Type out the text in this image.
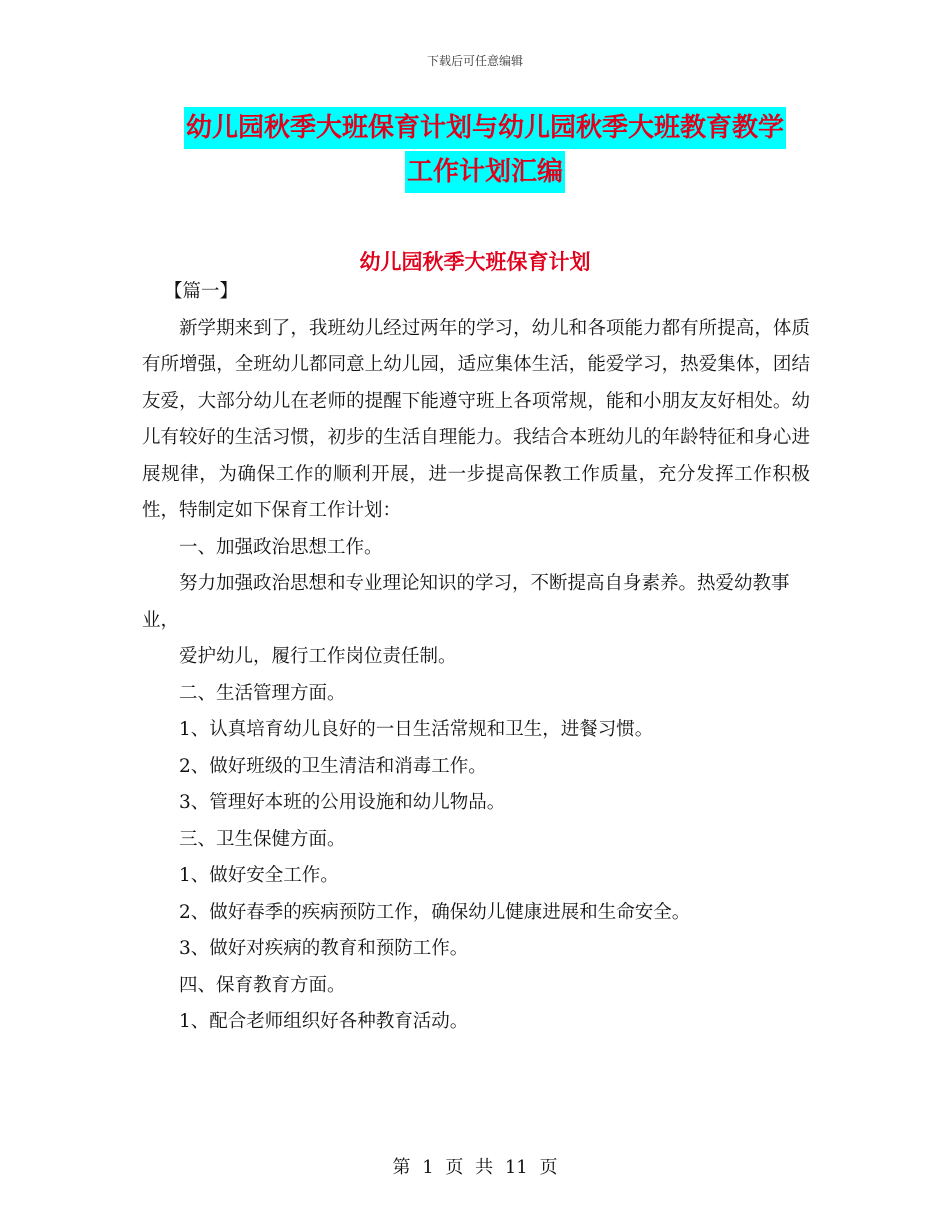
下载后可任意编辑
幼儿园秋季大班保育计划与幼儿园秋季大班教育教学
工作计划汇编
幼儿园秋季大班保育计划

【篇一】

新学期来到了，我班幼儿经过两年的学习，幼儿和各项能力都有所提高，体质有所增强，全班幼儿都同意上幼儿园，适应集体生活，能爱学习，热爱集体，团结友爱，大部分幼儿在老师的提醒下能遵守班上各项常规，能和小朋友友好相处。幼儿有较好的生活习惯，初步的生活自理能力。我结合本班幼儿的年龄特征和身心进展规律，为确保工作的顺利开展，进一步提高保教工作质量，充分发挥工作积极性，特制定如下保育工作计划：

一、加强政治思想工作。

努力加强政治思想和专业理论知识的学习，不断提高自身素养。热爱幼教事业，

爱护幼儿，履行工作岗位责任制。

二、生活管理方面。

1、认真培育幼儿良好的一日生活常规和卫生，进餐习惯。

2、做好班级的卫生清洁和消毒工作。

3、管理好本班的公用设施和幼儿物品。

三、卫生保健方面。

1、做好安全工作。

2、做好春季的疾病预防工作，确保幼儿健康进展和生命安全。

3、做好对疾病的教育和预防工作。

四、保育教育方面。

1、配合老师组织好各种教育活动。

第 1 页 共 11 页
